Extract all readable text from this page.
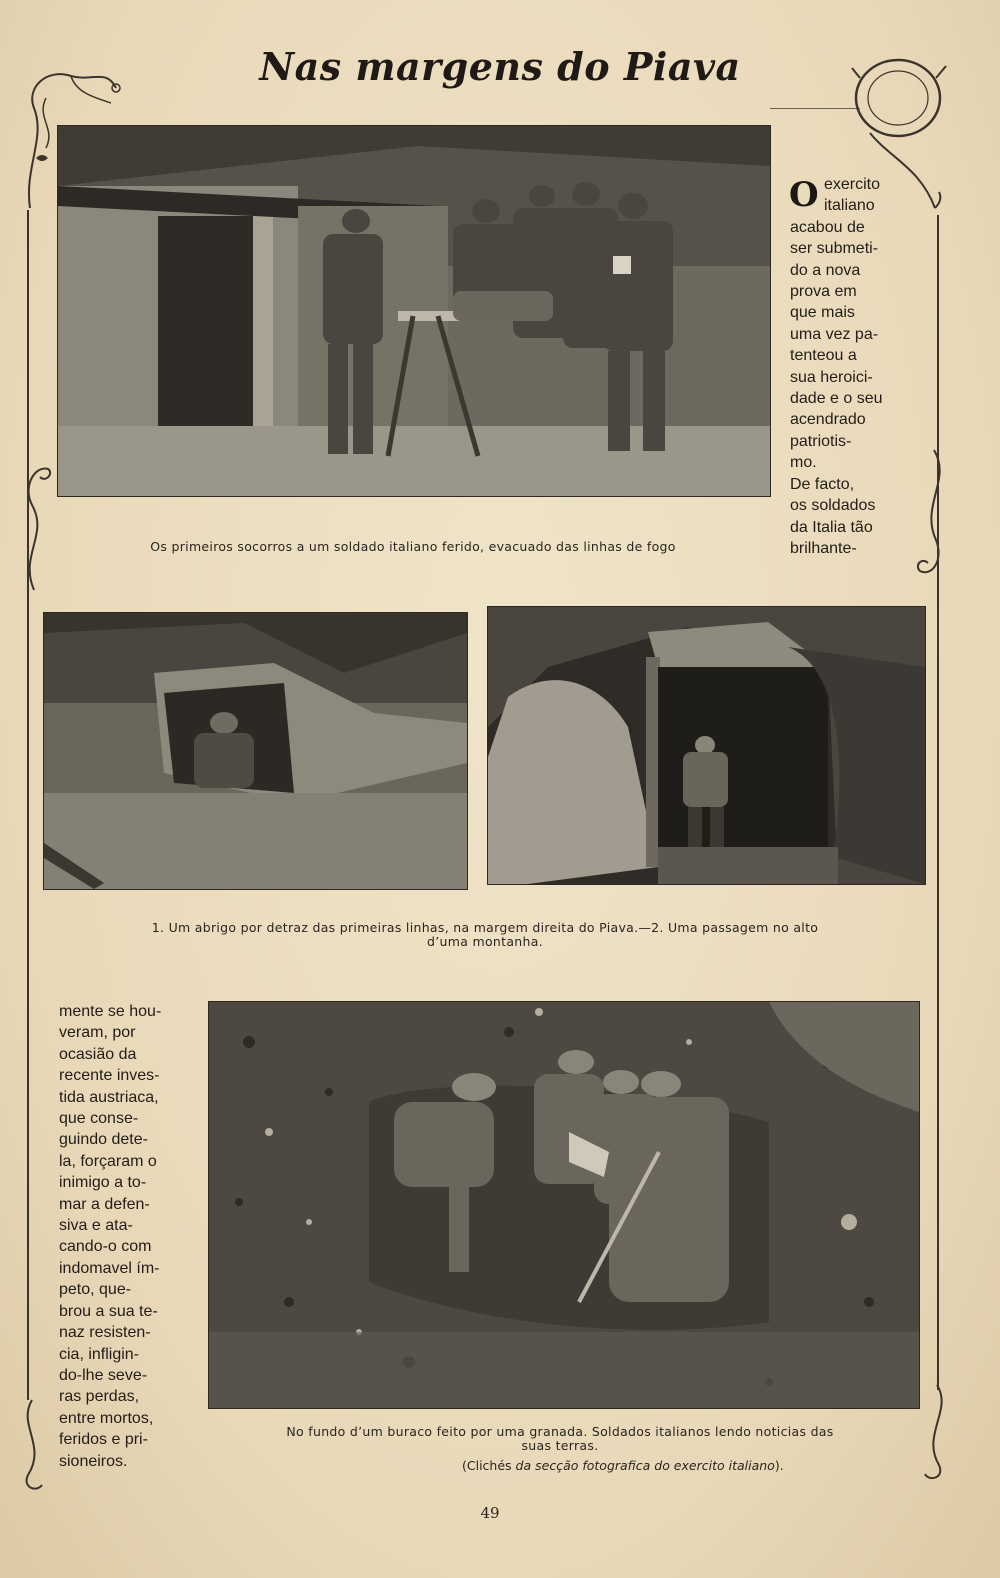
Nas margens do Piava
Os primeiros socorros a um soldado italiano ferido, evacuado das linhas de fogo
1. Um abrigo por detraz das primeiras linhas, na margem direita do Piava.—2. Uma passagem no alto
d’uma montanha.
No fundo d’um buraco feito por uma granada. Soldados italianos lendo noticias das
suas terras.
(Clichés da secção fotografica do exercito italiano).
O exercito
italiano
acabou de
ser submeti-
do a nova
prova em
que mais
uma vez pa-
tenteou a
sua heroici-
dade e o seu
acendrado
patriotis-
mo.
De facto,
os soldados
da Italia tão
brilhante-
mente se hou-
veram, por
ocasião da
recente inves-
tida austriaca,
que conse-
guindo dete-
la, forçaram o
inimigo a to-
mar a defen-
siva e ata-
cando-o com
indomavel ím-
peto, que-
brou a sua te-
naz resisten-
cia, infligin-
do-lhe seve-
ras perdas,
entre mortos,
feridos e pri-
sioneiros.
49
